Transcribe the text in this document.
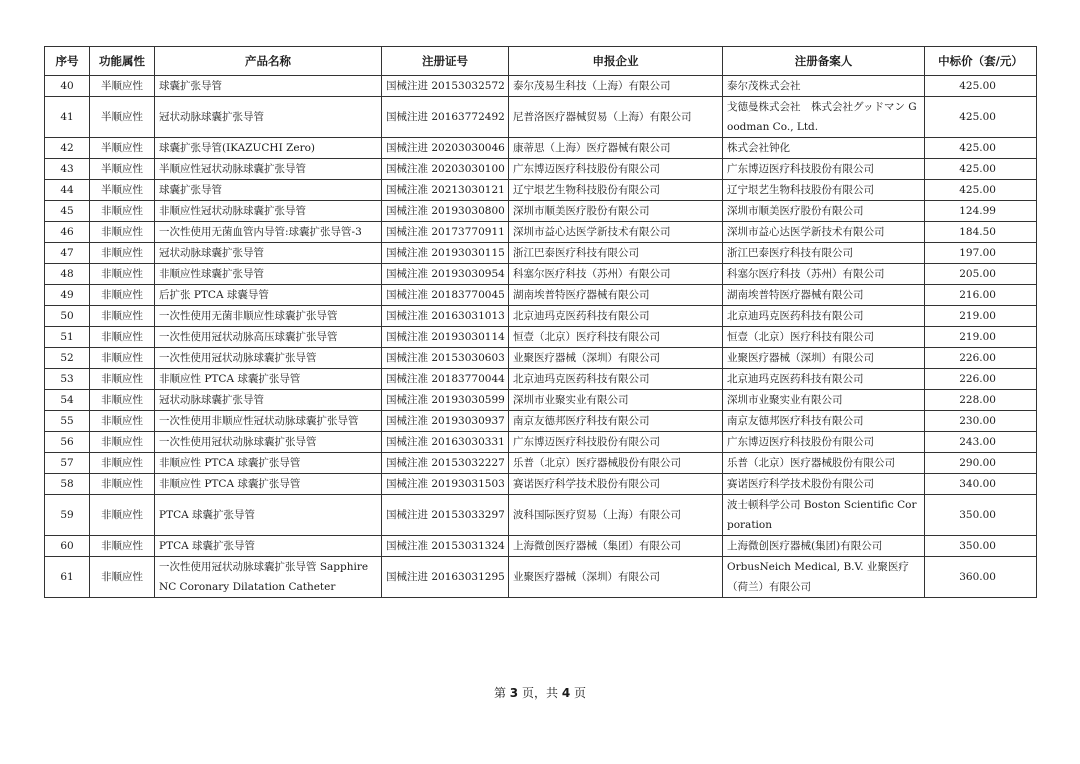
序号	功能属性	产品名称	注册证号	申报企业	注册备案人	中标价（套/元）
40	半顺应性	球囊扩张导管	国械注进 20153032572	泰尔茂易生科技（上海）有限公司	泰尔茂株式会社	425.00
41	半顺应性	冠状动脉球囊扩张导管	国械注进 20163772492	尼普洛医疗器械贸易（上海）有限公司	戈德曼株式会社　株式会社グッドマン Goodman Co., Ltd.	425.00
42	半顺应性	球囊扩张导管(IKAZUCHI Zero)	国械注进 20203030046	康蒂思（上海）医疗器械有限公司	株式会社钟化	425.00
43	半顺应性	半顺应性冠状动脉球囊扩张导管	国械注准 20203030100	广东博迈医疗科技股份有限公司	广东博迈医疗科技股份有限公司	425.00
44	半顺应性	球囊扩张导管	国械注准 20213030121	辽宁垠艺生物科技股份有限公司	辽宁垠艺生物科技股份有限公司	425.00
45	非顺应性	非顺应性冠状动脉球囊扩张导管	国械注准 20193030800	深圳市顺美医疗股份有限公司	深圳市顺美医疗股份有限公司	124.99
46	非顺应性	一次性使用无菌血管内导管:球囊扩张导管-3	国械注准 20173770911	深圳市益心达医学新技术有限公司	深圳市益心达医学新技术有限公司	184.50
47	非顺应性	冠状动脉球囊扩张导管	国械注准 20193030115	浙江巴泰医疗科技有限公司	浙江巴泰医疗科技有限公司	197.00
48	非顺应性	非顺应性球囊扩张导管	国械注准 20193030954	科塞尔医疗科技（苏州）有限公司	科塞尔医疗科技（苏州）有限公司	205.00
49	非顺应性	后扩张 PTCA 球囊导管	国械注准 20183770045	湖南埃普特医疗器械有限公司	湖南埃普特医疗器械有限公司	216.00
50	非顺应性	一次性使用无菌非顺应性球囊扩张导管	国械注准 20163031013	北京迪玛克医药科技有限公司	北京迪玛克医药科技有限公司	219.00
51	非顺应性	一次性使用冠状动脉高压球囊扩张导管	国械注准 20193030114	恒壹（北京）医疗科技有限公司	恒壹（北京）医疗科技有限公司	219.00
52	非顺应性	一次性使用冠状动脉球囊扩张导管	国械注准 20153030603	业聚医疗器械（深圳）有限公司	业聚医疗器械（深圳）有限公司	226.00
53	非顺应性	非顺应性 PTCA 球囊扩张导管	国械注准 20183770044	北京迪玛克医药科技有限公司	北京迪玛克医药科技有限公司	226.00
54	非顺应性	冠状动脉球囊扩张导管	国械注准 20193030599	深圳市业聚实业有限公司	深圳市业聚实业有限公司	228.00
55	非顺应性	一次性使用非顺应性冠状动脉球囊扩张导管	国械注准 20193030937	南京友德邦医疗科技有限公司	南京友德邦医疗科技有限公司	230.00
56	非顺应性	一次性使用冠状动脉球囊扩张导管	国械注准 20163030331	广东博迈医疗科技股份有限公司	广东博迈医疗科技股份有限公司	243.00
57	非顺应性	非顺应性 PTCA 球囊扩张导管	国械注准 20153032227	乐普（北京）医疗器械股份有限公司	乐普（北京）医疗器械股份有限公司	290.00
58	非顺应性	非顺应性 PTCA 球囊扩张导管	国械注准 20193031503	赛诺医疗科学技术股份有限公司	赛诺医疗科学技术股份有限公司	340.00
59	非顺应性	PTCA 球囊扩张导管	国械注进 20153033297	波科国际医疗贸易（上海）有限公司	波士顿科学公司 Boston Scientific Corporation	350.00
60	非顺应性	PTCA 球囊扩张导管	国械注准 20153031324	上海微创医疗器械（集团）有限公司	上海微创医疗器械(集团)有限公司	350.00
61	非顺应性	一次性使用冠状动脉球囊扩张导管 Sapphire NC Coronary Dilatation Catheter	国械注进 20163031295	业聚医疗器械（深圳）有限公司	OrbusNeich Medical, B.V. 业聚医疗（荷兰）有限公司	360.00
第 3 页，共 4 页
